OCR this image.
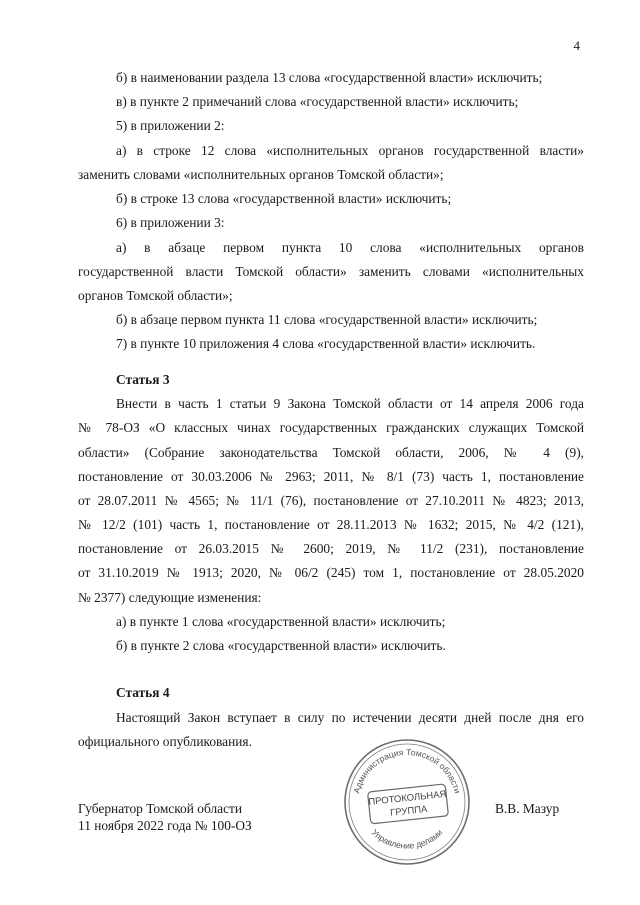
4
б) в наименовании раздела 13 слова «государственной власти» исключить;
в) в пункте 2 примечаний слова «государственной власти» исключить;
5) в приложении 2:
а) в строке 12 слова «исполнительных органов государственной власти»
заменить словами «исполнительных органов Томской области»;
б) в строке 13 слова «государственной власти» исключить;
6) в приложении 3:
а) в абзаце первом пункта 10 слова «исполнительных органов
государственной власти Томской области» заменить словами «исполнительных
органов Томской области»;
б) в абзаце первом пункта 11 слова «государственной власти» исключить;
7) в пункте 10 приложения 4 слова «государственной власти» исключить.
Статья 3
Внести в часть 1 статьи 9 Закона Томской области от 14 апреля 2006 года
№ 78-ОЗ «О классных чинах государственных гражданских служащих Томской
области» (Собрание законодательства Томской области, 2006, № 4 (9),
постановление от 30.03.2006 № 2963; 2011, № 8/1 (73) часть 1, постановление
от 28.07.2011 № 4565; № 11/1 (76), постановление от 27.10.2011 № 4823; 2013,
№ 12/2 (101) часть 1, постановление от 28.11.2013 № 1632; 2015, № 4/2 (121),
постановление от 26.03.2015 № 2600; 2019, № 11/2 (231), постановление
от 31.10.2019 № 1913; 2020, № 06/2 (245) том 1, постановление от 28.05.2020
№ 2377) следующие изменения:
а) в пункте 1 слова «государственной власти» исключить;
б) в пункте 2 слова «государственной власти» исключить.
Статья 4
Настоящий Закон вступает в силу по истечении десяти дней после дня его
официального опубликования.
Губернатор Томской области
11 ноября 2022 года № 100-ОЗ
В.В. Мазур
Администрация Томской области
Управление делами
ПРОТОКОЛЬНАЯ
ГРУППА
